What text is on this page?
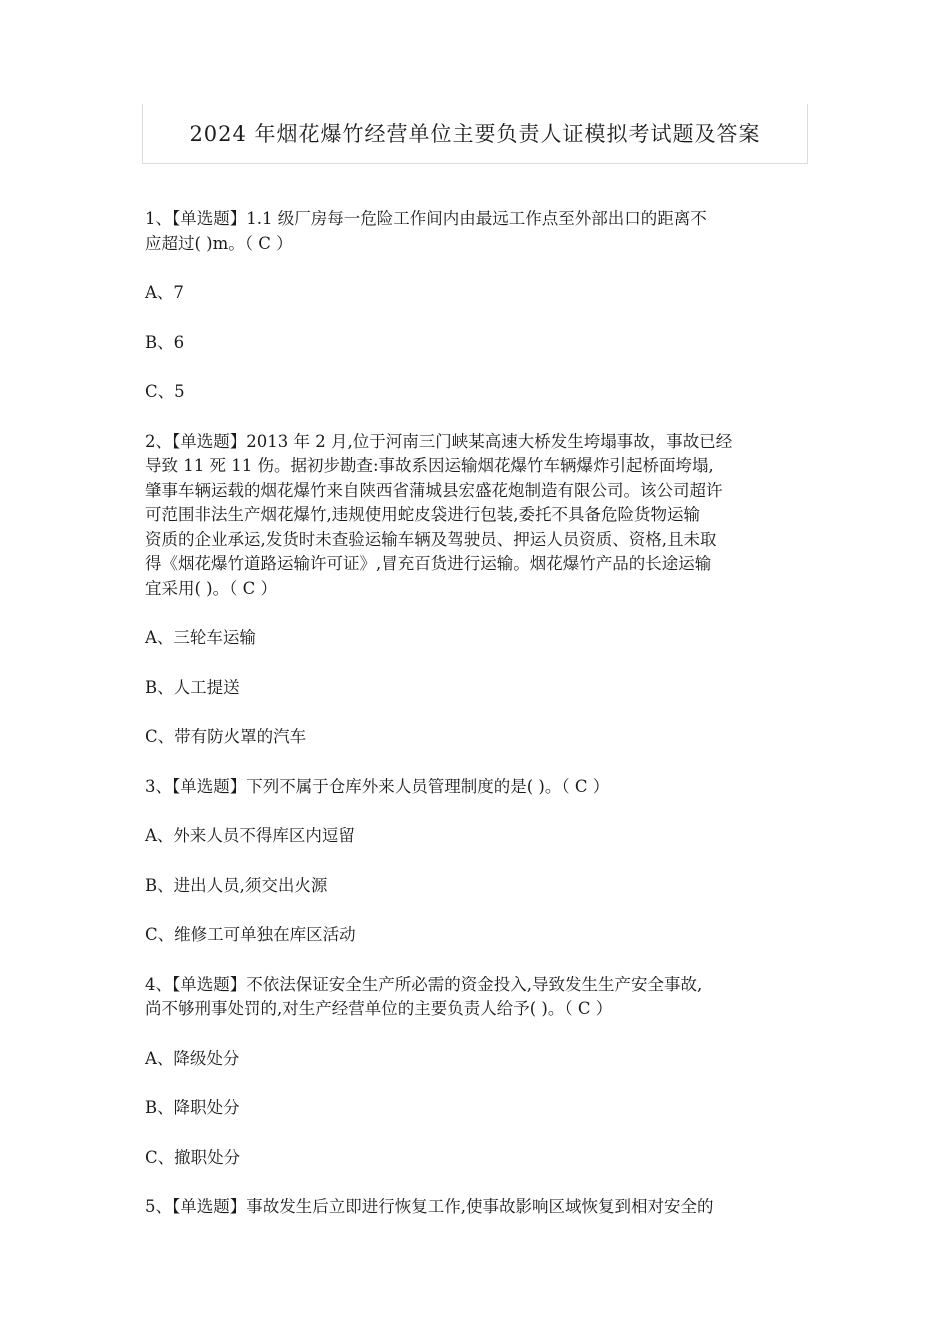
2024 年烟花爆竹经营单位主要负责人证模拟考试题及答案
1、【单选题】1.1 级厂房每一危险工作间内由最远工作点至外部出口的距离不
应超过( )m。（ C ）
A、7
B、6
C、5
2、【单选题】2013 年 2 月,位于河南三门峡某高速大桥发生垮塌事故，事故已经
导致 11 死 11 伤。据初步勘查:事故系因运输烟花爆竹车辆爆炸引起桥面垮塌,
肇事车辆运载的烟花爆竹来自陕西省蒲城县宏盛花炮制造有限公司。该公司超许
可范围非法生产烟花爆竹,违规使用蛇皮袋进行包装,委托不具备危险货物运输
资质的企业承运,发货时未查验运输车辆及驾驶员、押运人员资质、资格,且未取
得《烟花爆竹道路运输许可证》,冒充百货进行运输。烟花爆竹产品的长途运输
宜采用( )。（ C ）
A、三轮车运输
B、人工提送
C、带有防火罩的汽车
3、【单选题】下列不属于仓库外来人员管理制度的是( )。（ C ）
A、外来人员不得库区内逗留
B、进出人员,须交出火源
C、维修工可单独在库区活动
4、【单选题】不依法保证安全生产所必需的资金投入,导致发生生产安全事故,
尚不够刑事处罚的,对生产经营单位的主要负责人给予( )。（ C ）
A、降级处分
B、降职处分
C、撤职处分
5、【单选题】事故发生后立即进行恢复工作,使事故影响区域恢复到相对安全的
